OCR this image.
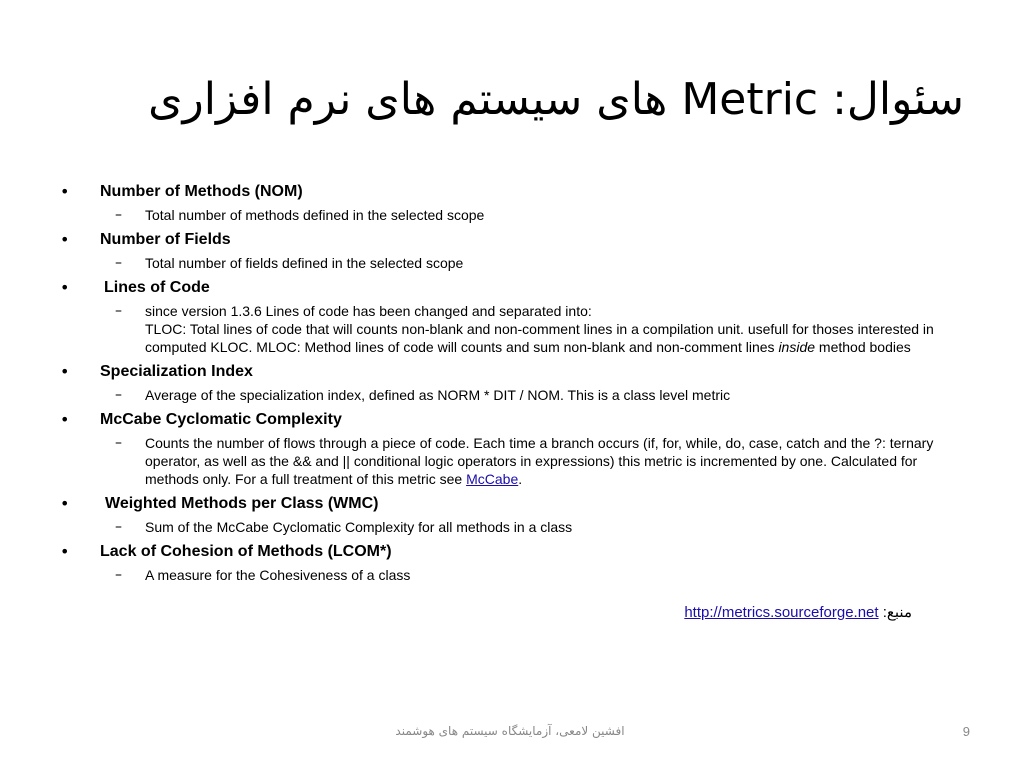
سئوال: Metric های سیستم های نرم افزاری
•	Number of Methods (NOM)
– Total number of methods defined in the selected scope
•	Number of Fields
– Total number of fields defined in the selected scope
•	Lines of Code
– since version 1.3.6 Lines of code has been changed and separated into:

TLOC: Total lines of code that will counts non-blank and non-comment lines in a compilation unit. usefull for thoses interested in computed KLOC. MLOC: Method lines of code will counts and sum non-blank and non-comment lines inside method bodies

•	Specialization Index
– Average of the specialization index, defined as NORM * DIT / NOM. This is a class level metric
•	McCabe Cyclomatic Complexity
– Counts the number of flows through a piece of code. Each time a branch occurs (if, for, while, do, case, catch and the ?: ternary operator, as well as the && and || conditional logic operators in expressions) this metric is incremented by one. Calculated for methods only. For a full treatment of this metric see McCabe.
•	Weighted Methods per Class (WMC)
– Sum of the McCabe Cyclomatic Complexity for all methods in a class
•	Lack of Cohesion of Methods (LCOM*)
– A measure for the Cohesiveness of a class
http://metrics.sourceforge.net منبع:
افشین لامعی، آزمایشگاه سیستم های هوشمند	9
